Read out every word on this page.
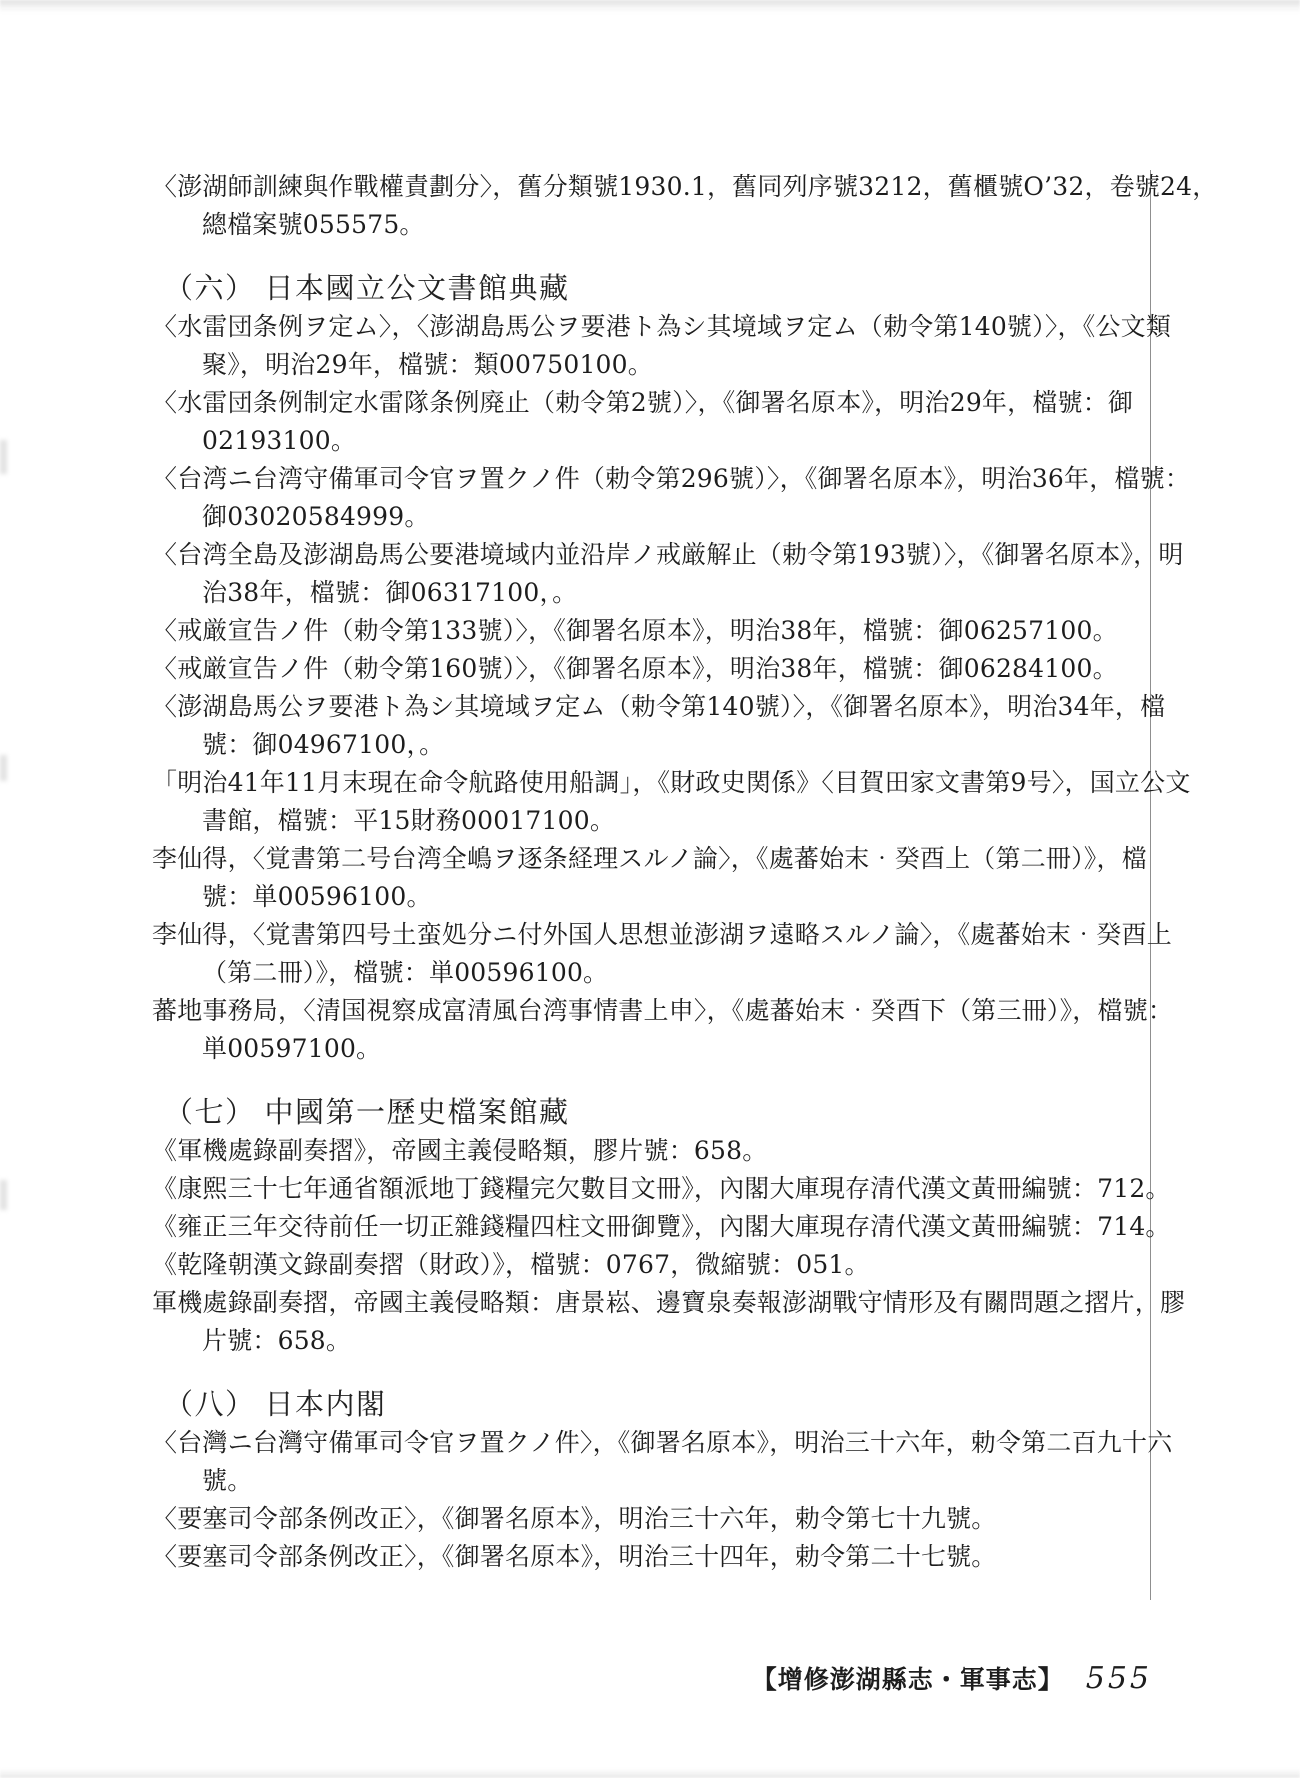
〈澎湖師訓練與作戰權責劃分〉，舊分類號1930.1，舊同列序號3212，舊櫃號O’32，卷號24，
總檔案號055575。
（六） 日本國立公文書館典藏
〈水雷団条例ヲ定ム〉，〈澎湖島馬公ヲ要港ト為シ其境域ヲ定ム（勅令第140號）〉，《公文類
聚》，明治29年，檔號：類00750100。
〈水雷団条例制定水雷隊条例廃止（勅令第2號）〉，《御署名原本》，明治29年，檔號：御
02193100。
〈台湾ニ台湾守備軍司令官ヲ置クノ件（勅令第296號）〉，《御署名原本》，明治36年，檔號：
御03020584999。
〈台湾全島及澎湖島馬公要港境域内並沿岸ノ戒厳解止（勅令第193號）〉，《御署名原本》，明
治38年，檔號：御06317100，。
〈戒厳宣告ノ件（勅令第133號）〉，《御署名原本》，明治38年，檔號：御06257100。
〈戒厳宣告ノ件（勅令第160號）〉，《御署名原本》，明治38年，檔號：御06284100。
〈澎湖島馬公ヲ要港ト為シ其境域ヲ定ム（勅令第140號）〉，《御署名原本》，明治34年，檔
號：御04967100，。
「明治41年11月末現在命令航路使用船調」，《財政史関係》〈目賀田家文書第9号〉，国立公文
書館，檔號：平15財務00017100。
李仙得，〈覚書第二号台湾全嶋ヲ逐条経理スルノ論〉，《處蕃始末‧癸酉上（第二冊）》，檔
號：単00596100。
李仙得，〈覚書第四号土蛮処分ニ付外国人思想並澎湖ヲ遠略スルノ論〉，《處蕃始末‧癸酉上
（第二冊）》，檔號：単00596100。
蕃地事務局，〈清国視察成富清風台湾事情書上申〉，《處蕃始末‧癸酉下（第三冊）》，檔號：
単00597100。
（七） 中國第一歷史檔案館藏
《軍機處錄副奏摺》，帝國主義侵略類，膠片號：658。
《康熙三十七年通省額派地丁錢糧完欠數目文冊》，內閣大庫現存清代漢文黃冊編號：712。
《雍正三年交待前任一切正雜錢糧四柱文冊御覽》，內閣大庫現存清代漢文黃冊編號：714。
《乾隆朝漢文錄副奏摺（財政）》，檔號：0767，微縮號：051。
軍機處錄副奏摺，帝國主義侵略類：唐景崧、邊寶泉奏報澎湖戰守情形及有關問題之摺片，膠
片號：658。
（八） 日本内閣
〈台灣ニ台灣守備軍司令官ヲ置クノ件〉，《御署名原本》，明治三十六年，勅令第二百九十六
號。
〈要塞司令部条例改正〉，《御署名原本》，明治三十六年，勅令第七十九號。
〈要塞司令部条例改正〉，《御署名原本》，明治三十四年，勅令第二十七號。
【增修澎湖縣志・軍事志】 555
